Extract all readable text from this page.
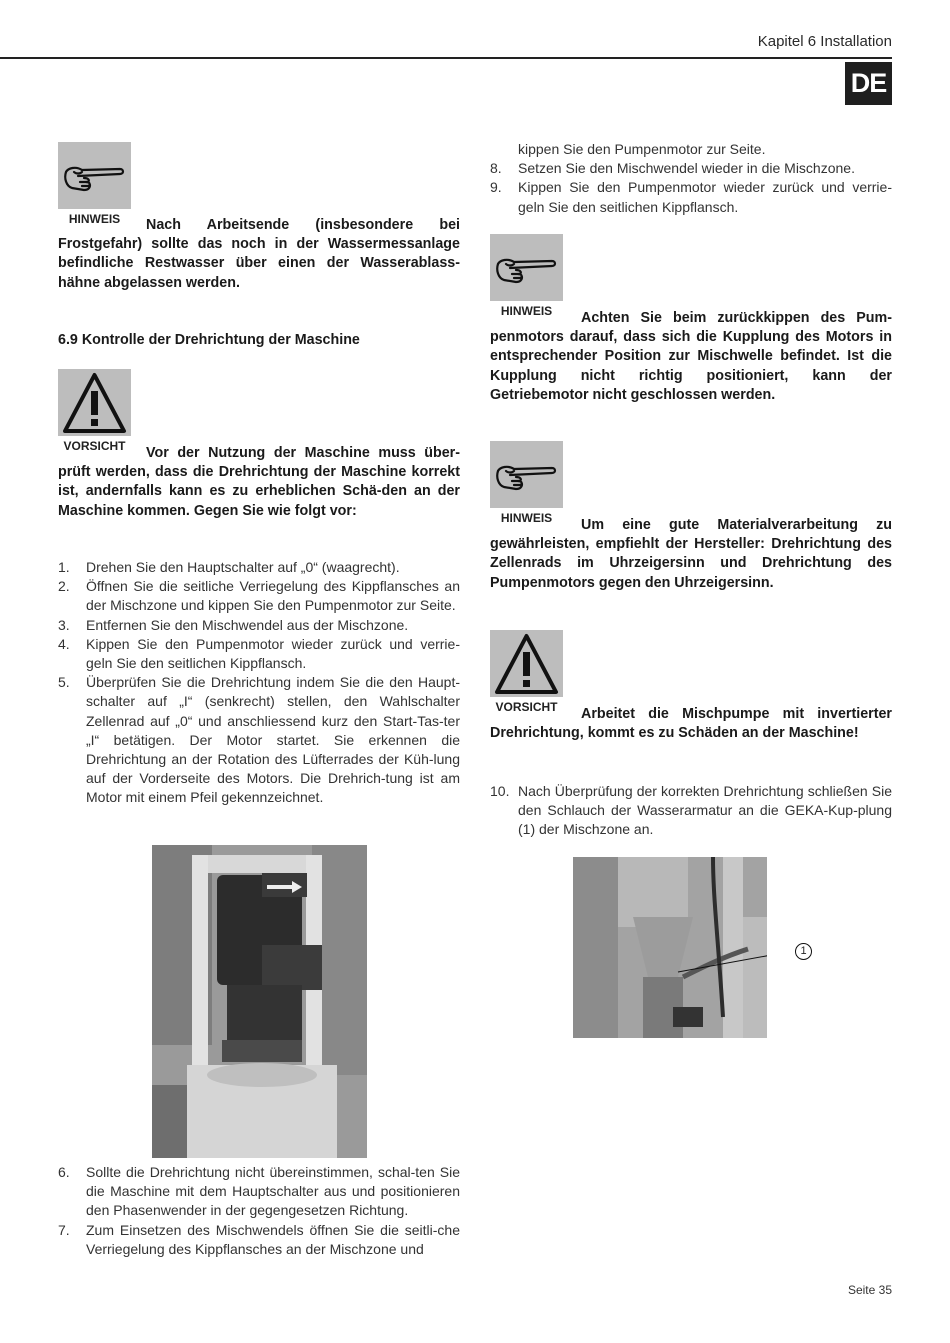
Kapitel 6 Installation
DE
HINWEIS	Nach Arbeitsende (insbesondere bei Frostgefahr) sollte das noch in der Wassermessanlage befindliche Restwasser über einen der Wasserablass-hähne abgelassen werden.
6.9 Kontrolle der Drehrichtung der Maschine
VORSICHT	Vor der Nutzung der Maschine muss über-prüft werden, dass die Drehrichtung der Maschine korrekt ist, andernfalls kann es zu erheblichen Schä-den an der Maschine kommen. Gegen Sie wie folgt vor:

1. Drehen Sie den Hauptschalter auf „0“ (waagrecht).

2. Öffnen Sie die seitliche Verriegelung des Kippflansches an der Mischzone und kippen Sie den Pumpenmotor zur Seite.

3. Entfernen Sie den Mischwendel aus der Mischzone.

4. Kippen Sie den Pumpenmotor wieder zurück und verrie-geln Sie den seitlichen Kippflansch.

5. Überprüfen Sie die Drehrichtung indem Sie die den Haupt-schalter auf „I“ (senkrecht) stellen, den Wahlschalter Zellenrad auf „0“ und anschliessend kurz den Start-Tas-ter „I“ betätigen. Der Motor startet. Sie erkennen die Drehrichtung an der Rotation des Lüfterrades der Küh-lung auf der Vorderseite des Motors. Die Drehrich-tung ist am Motor mit einem Pfeil gekennzeichnet.

6. Sollte die Drehrichtung nicht übereinstimmen, schal-ten Sie die Maschine mit dem Hauptschalter aus und positionieren den Phasenwender in der gegengesetzen Richtung.

7. Zum Einsetzen des Mischwendels öffnen Sie die seitli-che Verriegelung des Kippflansches an der Mischzone und

kippen Sie den Pumpenmotor zur Seite.

8. Setzen Sie den Mischwendel wieder in die Mischzone.

9. Kippen Sie den Pumpenmotor wieder zurück und verrie-geln Sie den seitlichen Kippflansch.

HINWEIS	Achten Sie beim zurückkippen des Pum-penmotors darauf, dass sich die Kupplung des Motors in entsprechender Position zur Mischwelle befindet. Ist die Kupplung nicht richtig positioniert, kann der Getriebemotor nicht geschlossen werden.
HINWEIS	Um eine gute Materialverarbeitung zu gewährleisten, empfiehlt der Hersteller: Drehrichtung des Zellenrads im Uhrzeigersinn und Drehrichtung des Pumpenmotors gegen den Uhrzeigersinn.
VORSICHT	Arbeitet die Mischpumpe mit invertierter Drehrichtung, kommt es zu Schäden an der Maschine!

10. Nach Überprüfung der korrekten Drehrichtung schließen Sie den Schlauch der Wasserarmatur an die GEKA-Kup-plung (1) der Mischzone an.

1
Seite 35
